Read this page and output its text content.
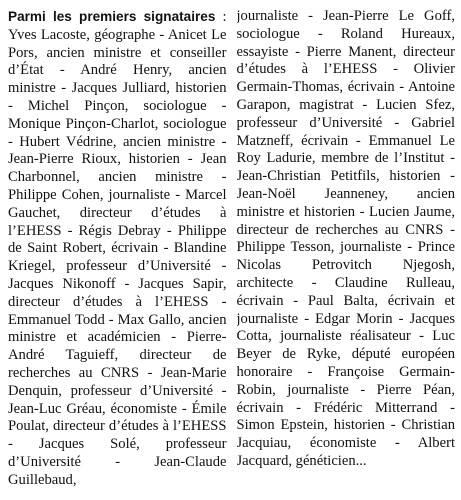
Parmi les premiers signataires : Yves Lacoste, géographe - Anicet Le Pors, ancien ministre et conseiller d’État - André Henry, ancien ministre - Jacques Julliard, historien - Michel Pinçon, sociologue - Monique Pinçon-Charlot, sociologue - Hubert Védrine, ancien ministre - Jean-Pierre Rioux, historien - Jean Charbonnel, ancien ministre - Philippe Cohen, journaliste - Marcel Gauchet, directeur d’études à l’EHESS - Régis Debray - Philippe de Saint Robert, écrivain - Blandine Kriegel, professeur d’Université - Jacques Nikonoff - Jacques Sapir, directeur d’études à l’EHESS - Emmanuel Todd - Max Gallo, ancien ministre et académicien - Pierre-André Taguieff, directeur de recherches au CNRS - Jean-Marie Denquin, professeur d’Université - Jean-Luc Gréau, économiste - Émile Poulat, directeur d’études à l’EHESS - Jacques Solé, professeur d’Université - Jean-Claude Guillebaud,

journaliste - Jean-Pierre Le Goff, sociologue - Roland Hureaux, essayiste - Pierre Manent, directeur d’études à l’EHESS - Olivier Germain-Thomas, écrivain - Antoine Garapon, magistrat - Lucien Sfez, professeur d’Université - Gabriel Matzneff, écrivain - Emmanuel Le Roy Ladurie, membre de l’Institut - Jean-Christian Petitfils, historien - Jean-Noël Jeanneney, ancien ministre et historien - Lucien Jaume, directeur de recherches au CNRS - Philippe Tesson, journaliste - Prince Nicolas Petrovitch Njegosh, architecte - Claudine Rulleau, écrivain - Paul Balta, écrivain et journaliste - Edgar Morin - Jacques Cotta, journaliste réalisateur - Luc Beyer de Ryke, député européen honoraire - Françoise Germain-Robin, journaliste - Pierre Péan, écrivain - Frédéric Mitterrand - Simon Epstein, historien - Christian Jacquiau, économiste - Albert Jacquard, généticien...
